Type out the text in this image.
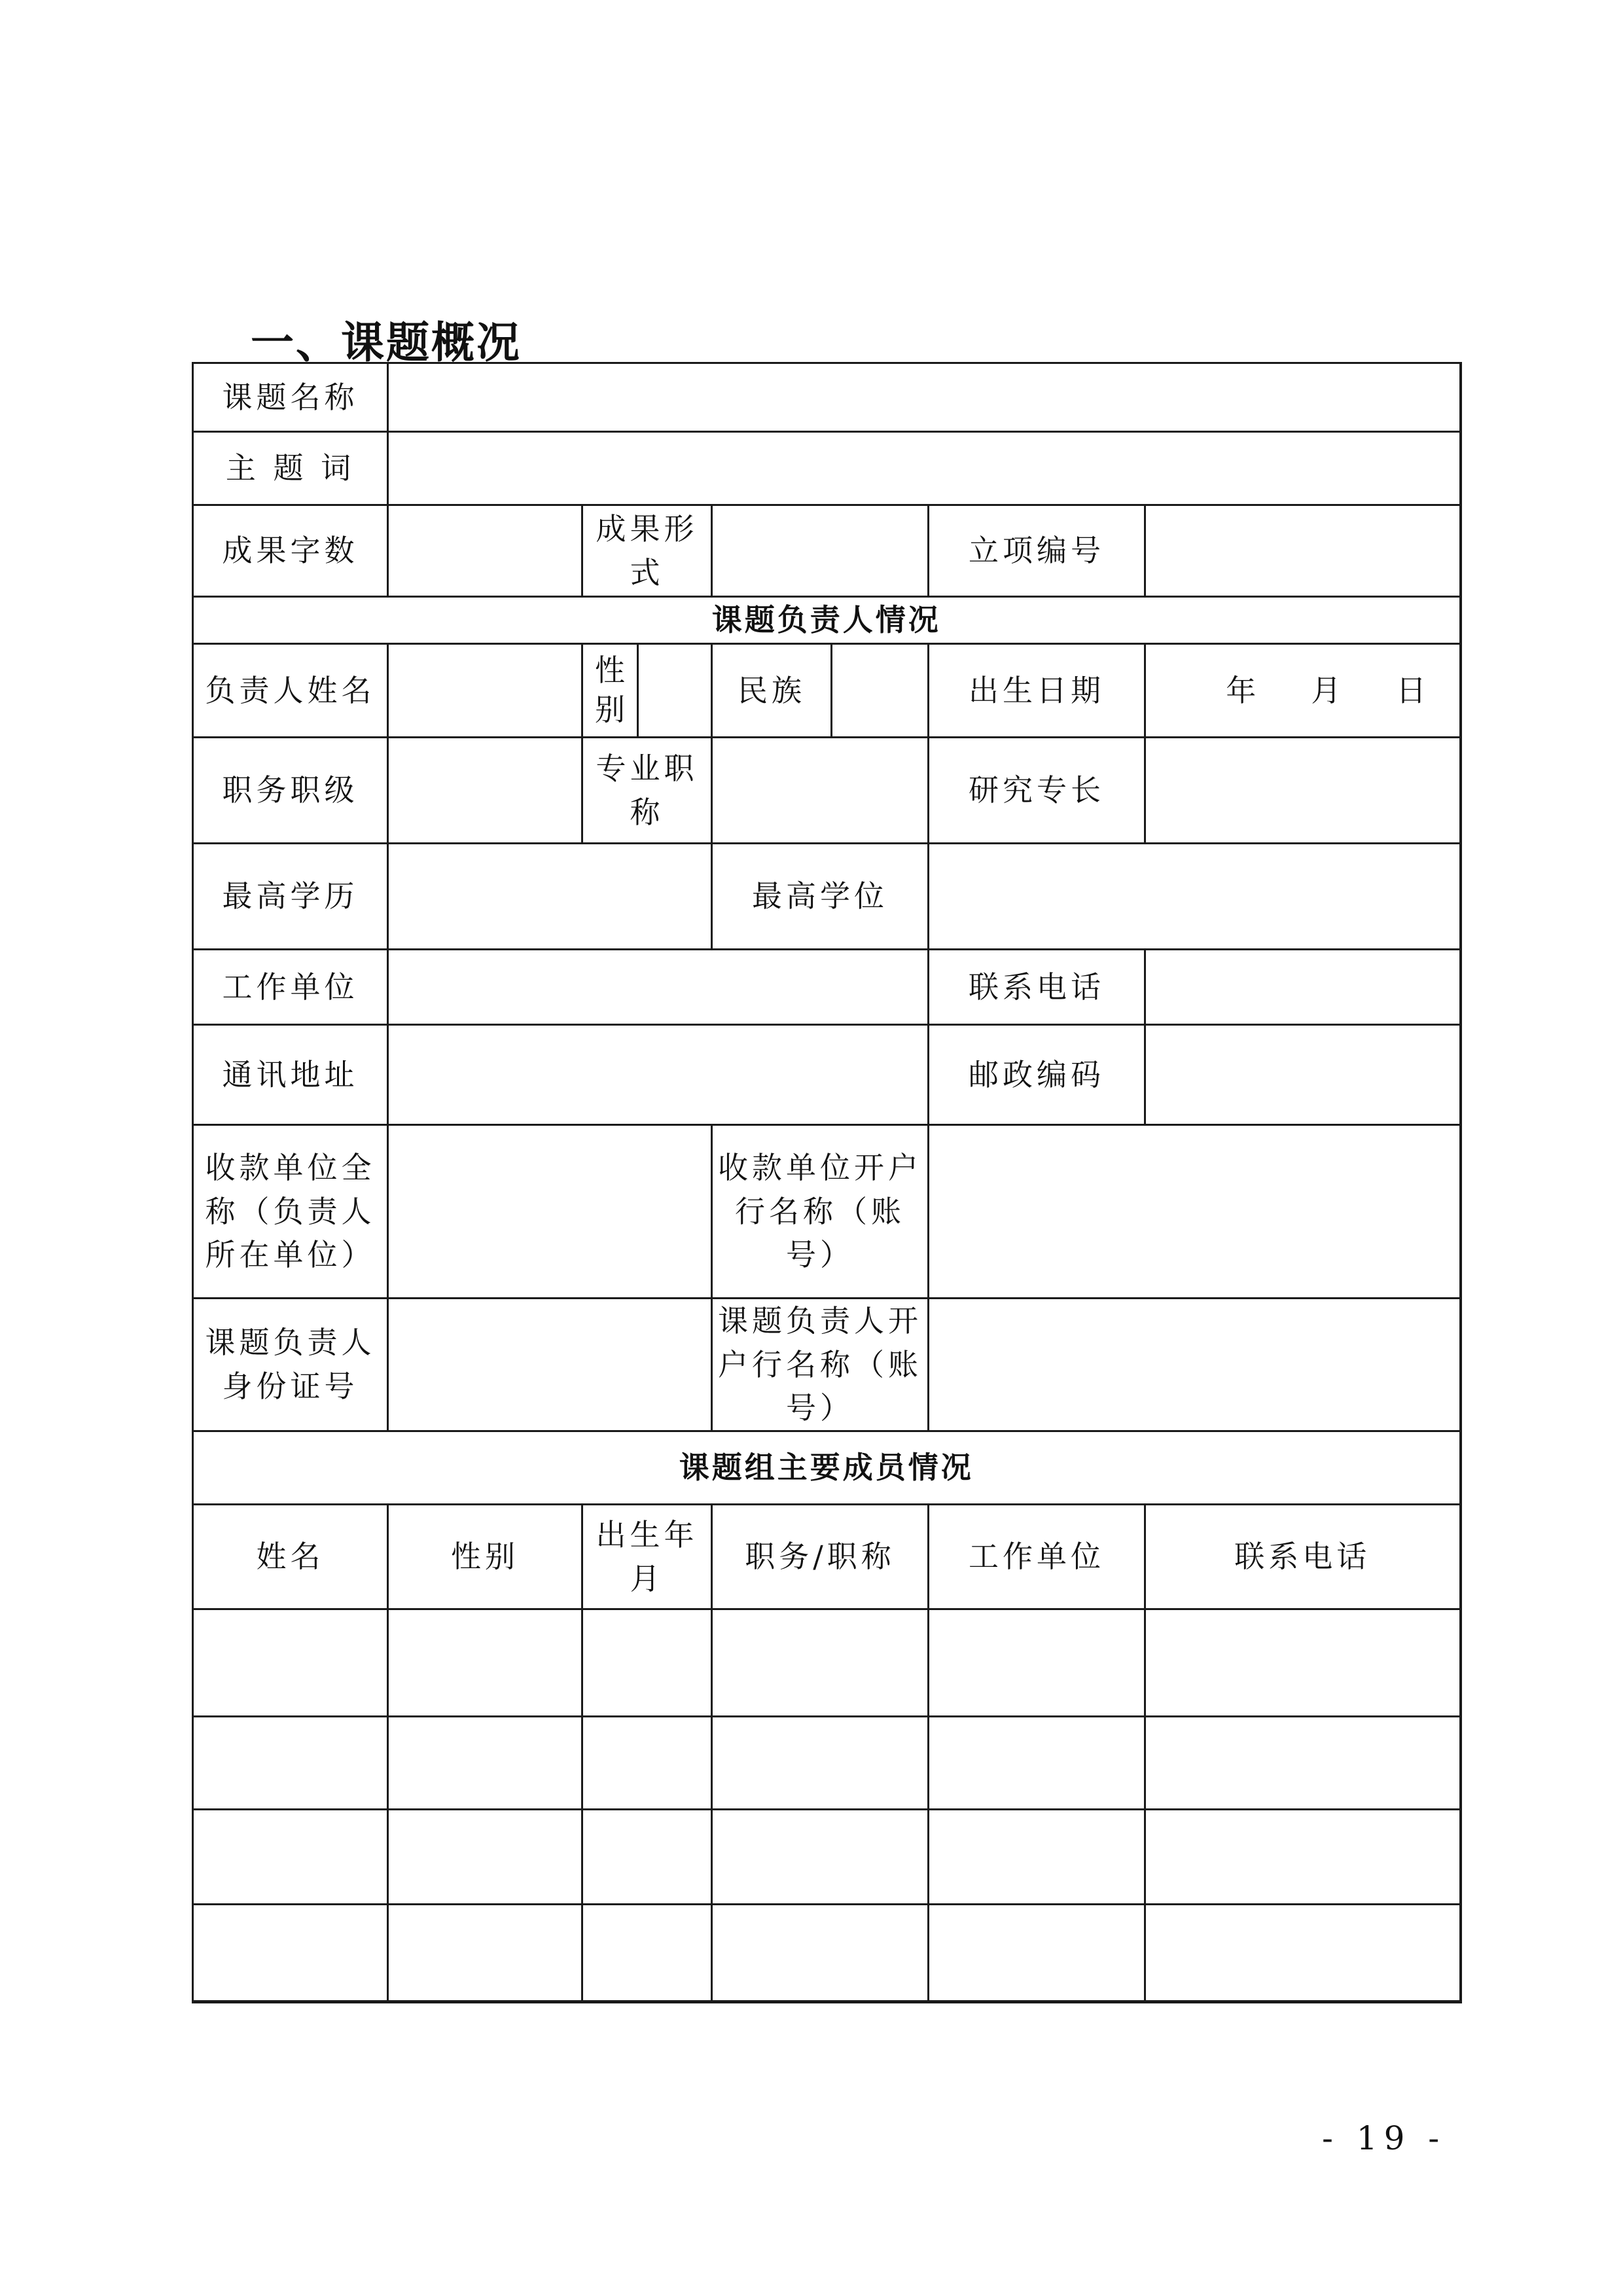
一、课题概况
课题名称							
主 题 词							
成果字数		成果形式				立项编号	
课题负责人情况							
负责人姓名		性别		民族		出生日期	年 月 日
职务职级		专业职称				研究专长	
最高学历				最高学位			
工作单位						联系电话	
通讯地址						邮政编码	
收款单位全称（负责人所在单位）				收款单位开户行名称（账号）			
课题负责人身份证号				课题负责人开户行名称（账号）			
课题组主要成员情况							
姓名	性别	出生年月		职务/职称		工作单位	联系电话

- 19 -
